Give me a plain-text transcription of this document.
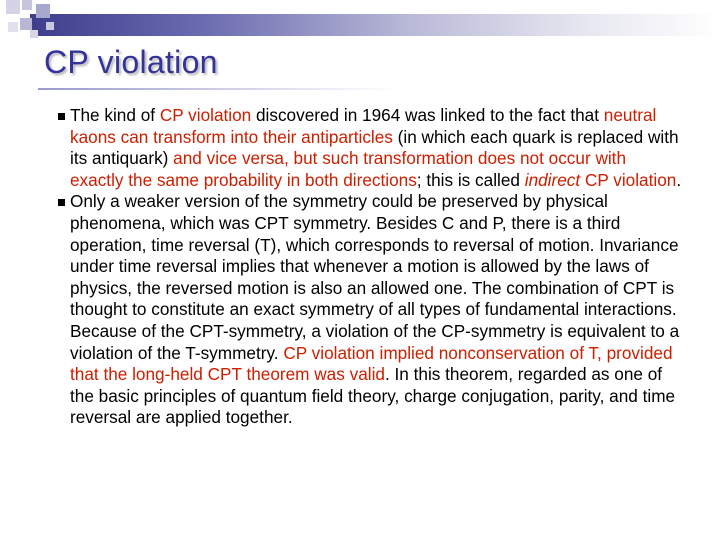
CP violation
The kind of CP violation discovered in 1964 was linked to the fact that neutral kaons can transform into their antiparticles (in which each quark is replaced with its antiquark) and vice versa, but such transformation does not occur with exactly the same probability in both directions; this is called indirect CP violation.
Only a weaker version of the symmetry could be preserved by physical phenomena, which was CPT symmetry. Besides C and P, there is a third operation, time reversal (T), which corresponds to reversal of motion. Invariance under time reversal implies that whenever a motion is allowed by the laws of physics, the reversed motion is also an allowed one. The combination of CPT is thought to constitute an exact symmetry of all types of fundamental interactions. Because of the CPT-symmetry, a violation of the CP-symmetry is equivalent to a violation of the T-symmetry. CP violation implied nonconservation of T, provided that the long-held CPT theorem was valid. In this theorem, regarded as one of the basic principles of quantum field theory, charge conjugation, parity, and time reversal are applied together.
